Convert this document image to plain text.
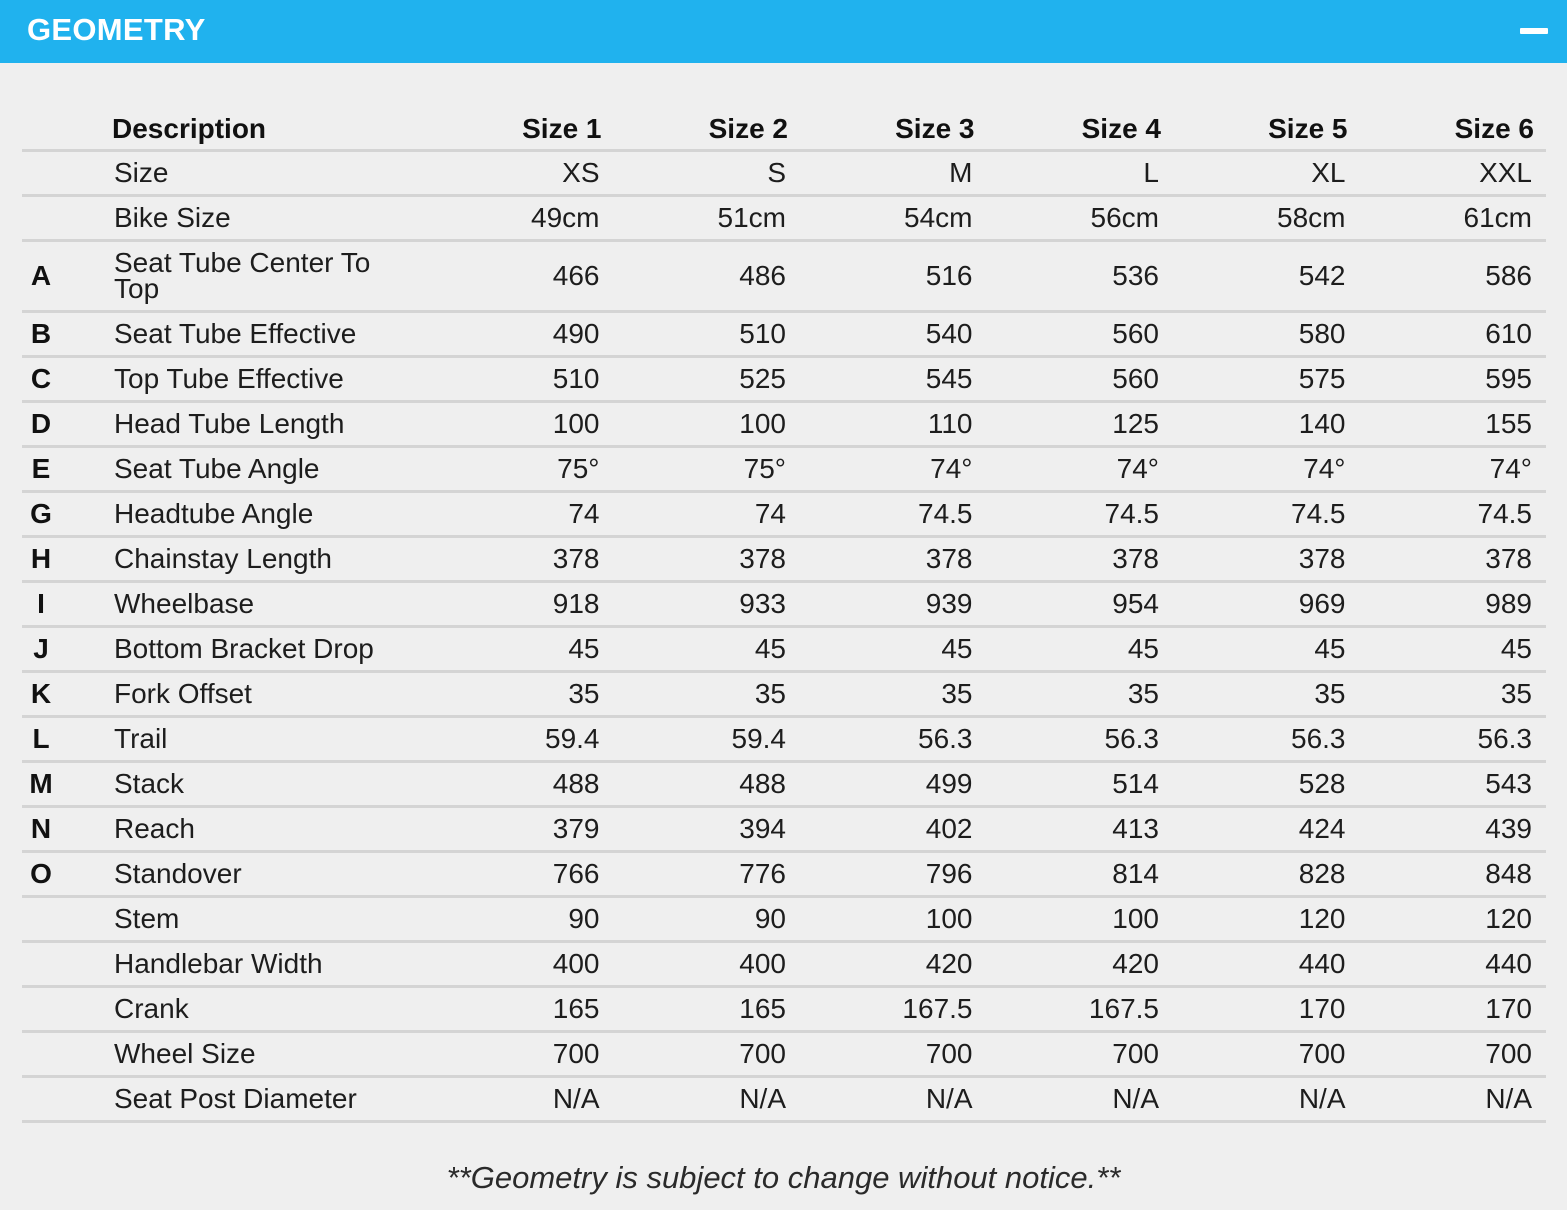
GEOMETRY
	Description	Size 1	Size 2	Size 3	Size 4	Size 5	Size 6
	Size	XS	S	M	L	XL	XXL
	Bike Size	49cm	51cm	54cm	56cm	58cm	61cm
A	Seat Tube Center To Top	466	486	516	536	542	586
B	Seat Tube Effective	490	510	540	560	580	610
C	Top Tube Effective	510	525	545	560	575	595
D	Head Tube Length	100	100	110	125	140	155
E	Seat Tube Angle	75°	75°	74°	74°	74°	74°
G	Headtube Angle	74	74	74.5	74.5	74.5	74.5
H	Chainstay Length	378	378	378	378	378	378
I	Wheelbase	918	933	939	954	969	989
J	Bottom Bracket Drop	45	45	45	45	45	45
K	Fork Offset	35	35	35	35	35	35
L	Trail	59.4	59.4	56.3	56.3	56.3	56.3
M	Stack	488	488	499	514	528	543
N	Reach	379	394	402	413	424	439
O	Standover	766	776	796	814	828	848
	Stem	90	90	100	100	120	120
	Handlebar Width	400	400	420	420	440	440
	Crank	165	165	167.5	167.5	170	170
	Wheel Size	700	700	700	700	700	700
	Seat Post Diameter	N/A	N/A	N/A	N/A	N/A	N/A
**Geometry is subject to change without notice.**
